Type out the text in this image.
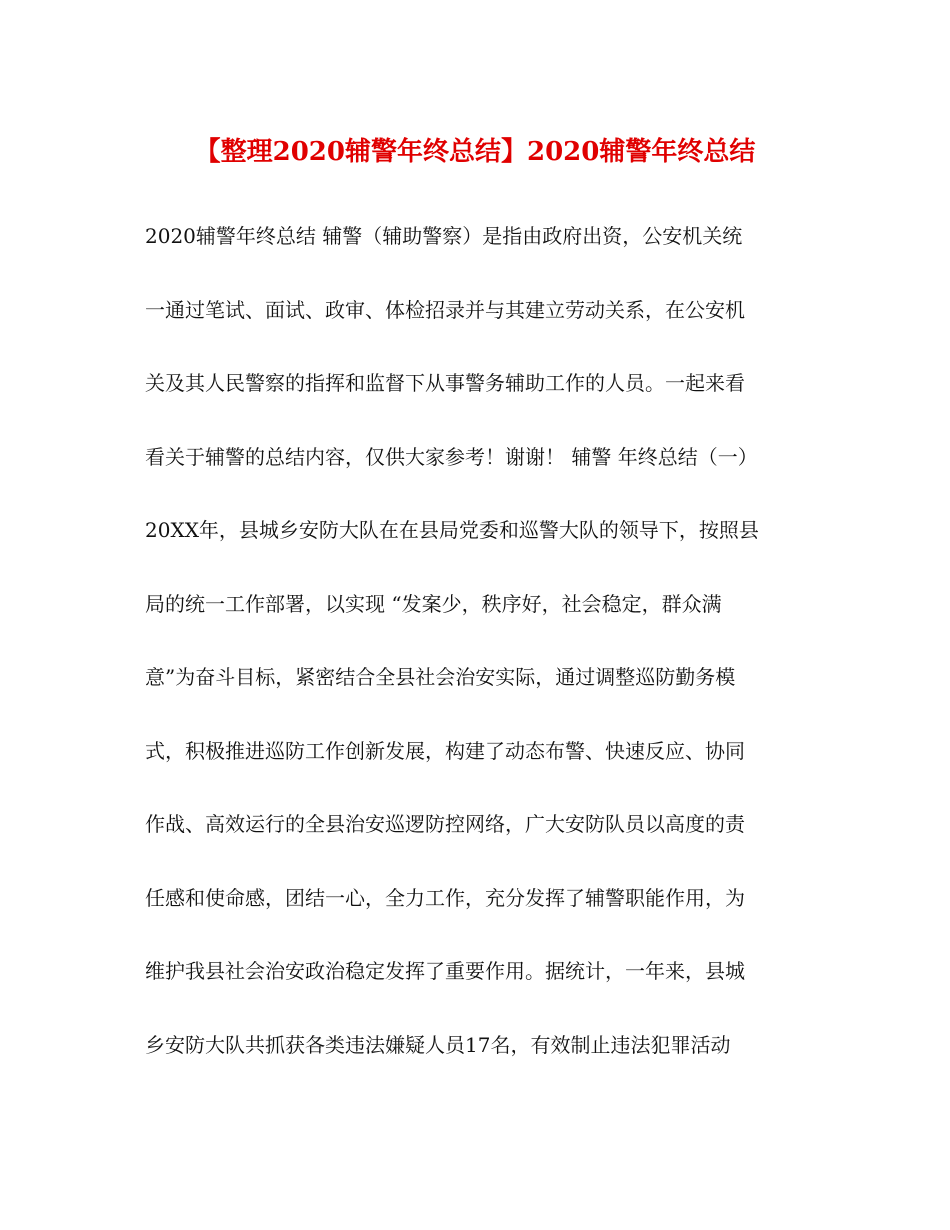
【整理2020辅警年终总结】2020辅警年终总结
2020辅警年终总结 辅警（辅助警察）是指由政府出资，公安机关统
一通过笔试、面试、政审、体检招录并与其建立劳动关系，在公安机
关及其人民警察的指挥和监督下从事警务辅助工作的人员。一起来看
看关于辅警的总结内容，仅供大家参考！谢谢！ 辅警 年终总结（一）
20XX年，县城乡安防大队在在县局党委和巡警大队的领导下，按照县
局的统一工作部署，以实现 “发案少，秩序好，社会稳定，群众满
意”为奋斗目标，紧密结合全县社会治安实际，通过调整巡防勤务模
式，积极推进巡防工作创新发展，构建了动态布警、快速反应、协同
作战、高效运行的全县治安巡逻防控网络，广大安防队员以高度的责
任感和使命感，团结一心，全力工作，充分发挥了辅警职能作用，为
维护我县社会治安政治稳定发挥了重要作用。据统计，一年来，县城
乡安防大队共抓获各类违法嫌疑人员17名，有效制止违法犯罪活动
